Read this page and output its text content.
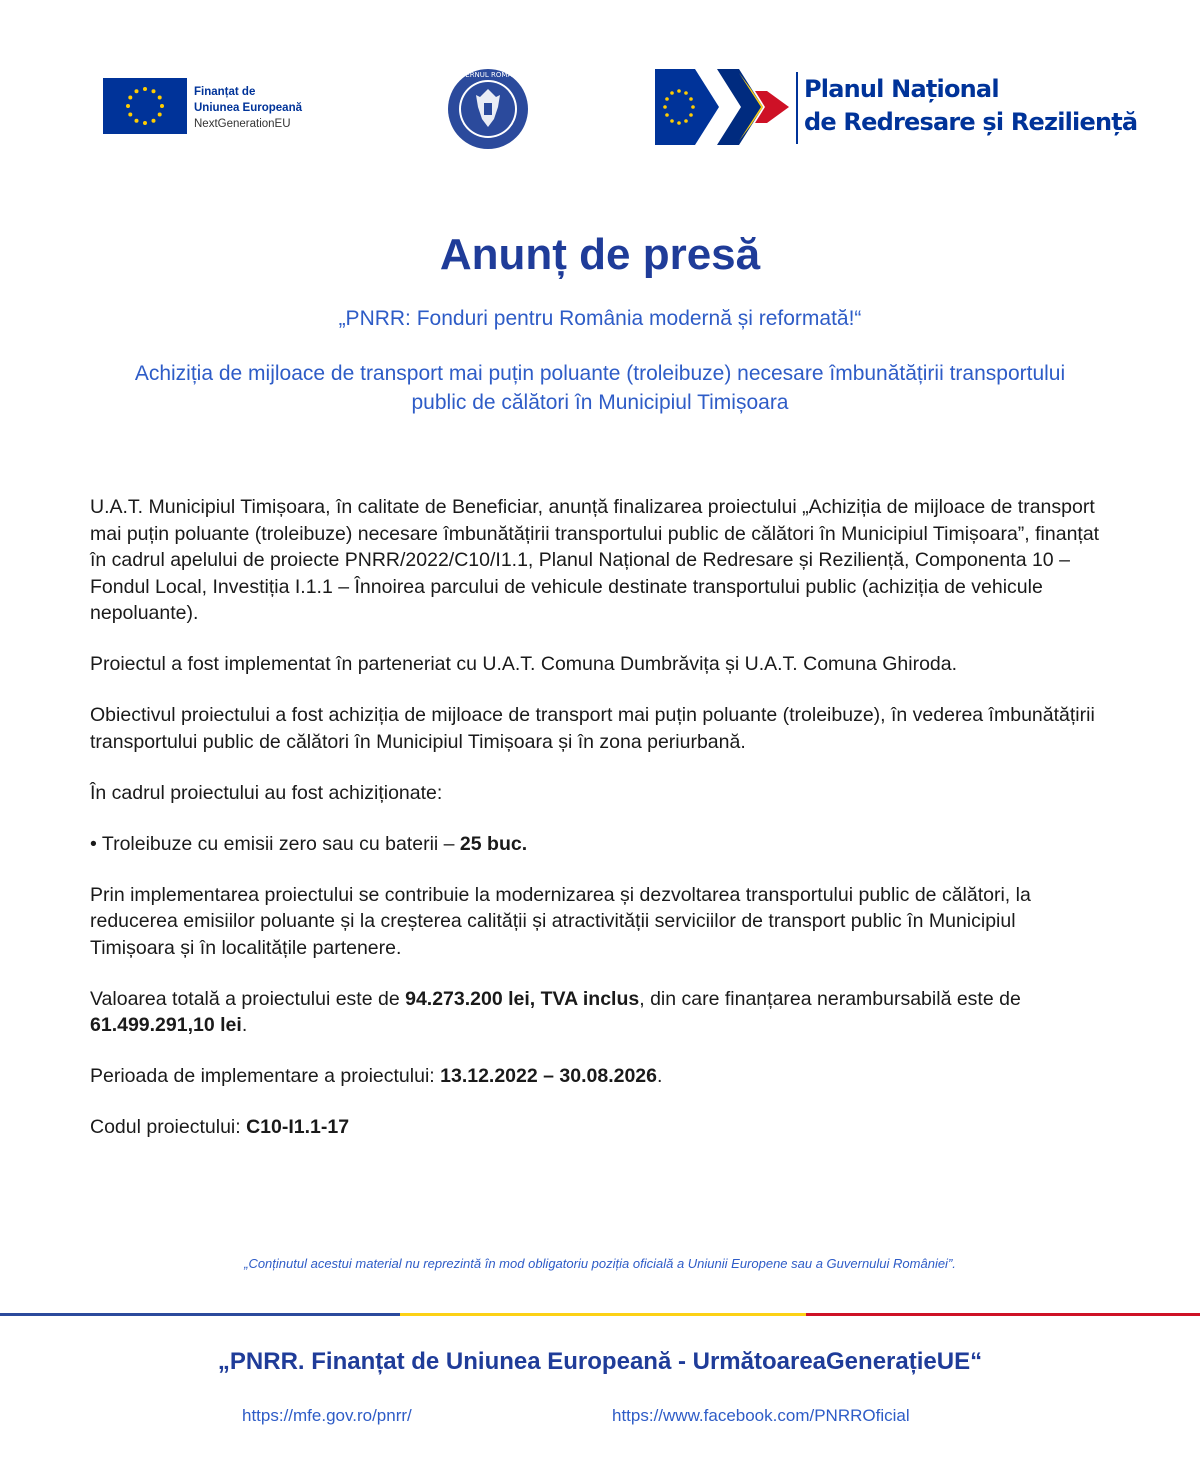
Finanțat de
Uniunea Europeană
NextGenerationEU
GUVERNUL ROMÂNIEI	Planul Național
de Redresare și Reziliență
Anunț de presă
„PNRR: Fonduri pentru România modernă și reformată!“
Achiziția de mijloace de transport mai puțin poluante (troleibuze) necesare îmbunătățirii transportului public de călători în Municipiul Timișoara

U.A.T. Municipiul Timișoara, în calitate de Beneficiar, anunță finalizarea proiectului „Achiziția de mijloace de transport mai puțin poluante (troleibuze) necesare îmbunătățirii transportului public de călători în Municipiul Timișoara”, finanțat în cadrul apelului de proiecte PNRR/2022/C10/I1.1, Planul Național de Redresare și Reziliență, Componenta 10 – Fondul Local, Investiția I.1.1 – Înnoirea parcului de vehicule destinate transportului public (achiziția de vehicule nepoluante).

Proiectul a fost implementat în parteneriat cu U.A.T. Comuna Dumbrăvița și U.A.T. Comuna Ghiroda.

Obiectivul proiectului a fost achiziția de mijloace de transport mai puțin poluante (troleibuze), în vederea îmbunătățirii transportului public de călători în Municipiul Timișoara și în zona periurbană.

În cadrul proiectului au fost achiziționate:

• Troleibuze cu emisii zero sau cu baterii – 25 buc.

Prin implementarea proiectului se contribuie la modernizarea și dezvoltarea transportului public de călători, la reducerea emisiilor poluante și la creșterea calității și atractivității serviciilor de transport public în Municipiul Timișoara și în localitățile partenere.

Valoarea totală a proiectului este de 94.273.200 lei, TVA inclus, din care finanțarea nerambursabilă este de 61.499.291,10 lei.

Perioada de implementare a proiectului: 13.12.2022 – 30.08.2026.

Codul proiectului: C10-I1.1-17

„Conținutul acestui material nu reprezintă în mod obligatoriu poziția oficială a Uniunii Europene sau a Guvernului României”.
„PNRR. Finanțat de Uniunea Europeană - UrmătoareaGenerațieUE“
https://mfe.gov.ro/pnrr/	https://www.facebook.com/PNRROficial
